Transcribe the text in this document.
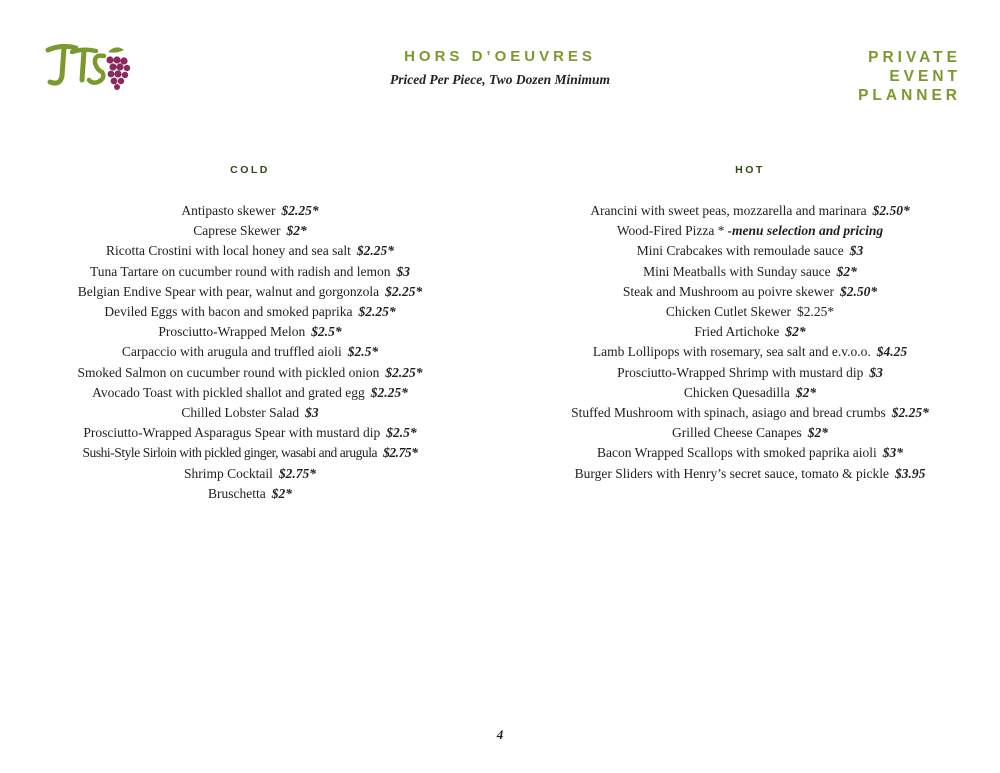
JTS
HORS D’OEUVRES
Priced Per Piece, Two Dozen Minimum
PRIVATE
EVENT
PLANNER
COLD
Antipasto skewer $2.25*
Caprese Skewer $2*
Ricotta Crostini with local honey and sea salt $2.25*
Tuna Tartare on cucumber round with radish and lemon $3
Belgian Endive Spear with pear, walnut and gorgonzola $2.25*
Deviled Eggs with bacon and smoked paprika $2.25*
Prosciutto-Wrapped Melon $2.5*
Carpaccio with arugula and truffled aioli $2.5*
Smoked Salmon on cucumber round with pickled onion $2.25*
Avocado Toast with pickled shallot and grated egg $2.25*
Chilled Lobster Salad $3
Prosciutto-Wrapped Asparagus Spear with mustard dip $2.5*
Sushi-Style Sirloin with pickled ginger, wasabi and arugula $2.75*
Shrimp Cocktail $2.75*
Bruschetta $2*
HOT
Arancini with sweet peas, mozzarella and marinara $2.50*
Wood-Fired Pizza * -menu selection and pricing
Mini Crabcakes with remoulade sauce $3
Mini Meatballs with Sunday sauce $2*
Steak and Mushroom au poivre skewer $2.50*
Chicken Cutlet Skewer $2.25*
Fried Artichoke $2*
Lamb Lollipops with rosemary, sea salt and e.v.o.o. $4.25
Prosciutto-Wrapped Shrimp with mustard dip $3
Chicken Quesadilla $2*
Stuffed Mushroom with spinach, asiago and bread crumbs $2.25*
Grilled Cheese Canapes $2*
Bacon Wrapped Scallops with smoked paprika aioli $3*
Burger Sliders with Henry’s secret sauce, tomato & pickle $3.95
4
